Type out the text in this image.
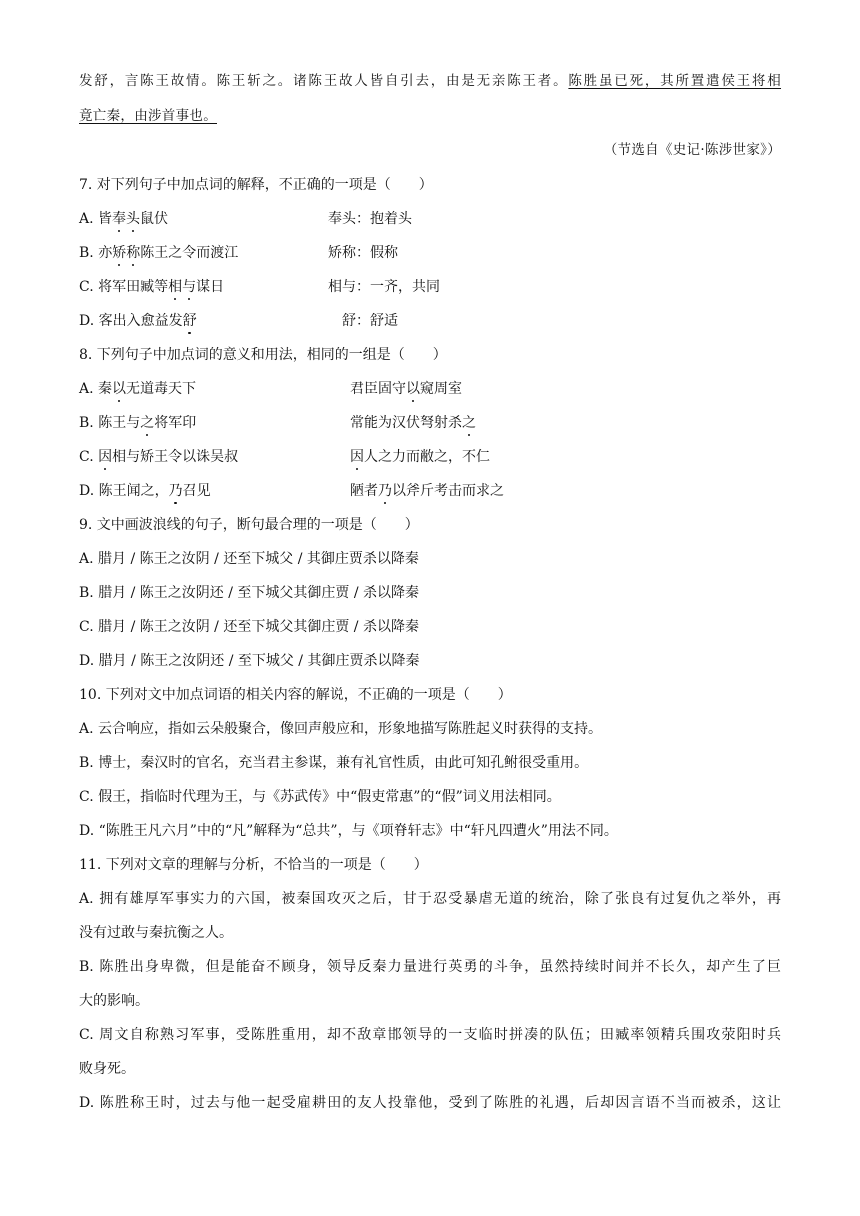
发舒，言陈王故情。陈王斩之。诸陈王故人皆自引去，由是无亲陈王者。陈胜虽已死，其所置遣侯王将相
竟亡秦，由涉首事也。
（节选自《史记·陈涉世家》）
7. 对下列句子中加点词的解释，不正确的一项是（　　）
A. 皆奉头鼠伏	奉头：抱着头
B. 亦矫称陈王之令而渡江	矫称：假称
C. 将军田臧等相与谋日	相与：一齐，共同
D. 客出入愈益发舒	舒：舒适
8. 下列句子中加点词的意义和用法，相同的一组是（　　）
A. 秦以无道毒天下	君臣固守以窥周室
B. 陈王与之将军印	常能为汉伏弩射杀之
C. 因相与矫王令以诛吴叔	因人之力而敝之，不仁
D. 陈王闻之，乃召见	陋者乃以斧斤考击而求之
9. 文中画波浪线的句子，断句最合理的一项是（　　）
A. 腊月 / 陈王之汝阴 / 还至下城父 / 其御庄贾杀以降秦
B. 腊月 / 陈王之汝阴还 / 至下城父其御庄贾 / 杀以降秦
C. 腊月 / 陈王之汝阴 / 还至下城父其御庄贾 / 杀以降秦
D. 腊月 / 陈王之汝阴还 / 至下城父 / 其御庄贾杀以降秦
10. 下列对文中加点词语的相关内容的解说，不正确的一项是（　　）
A. 云合响应，指如云朵般聚合，像回声般应和，形象地描写陈胜起义时获得的支持。
B. 博士，秦汉时的官名，充当君主参谋，兼有礼官性质，由此可知孔鲋很受重用。
C. 假王，指临时代理为王，与《苏武传》中“假吏常惠”的“假”词义用法相同。
D. “陈胜王凡六月”中的“凡”解释为“总共”，与《项脊轩志》中“轩凡四遭火”用法不同。
11. 下列对文章的理解与分析，不恰当的一项是（　　）
A. 拥有雄厚军事实力的六国，被秦国攻灭之后，甘于忍受暴虐无道的统治，除了张良有过复仇之举外，再
没有过敢与秦抗衡之人。
B. 陈胜出身卑微，但是能奋不顾身，领导反秦力量进行英勇的斗争，虽然持续时间并不长久，却产生了巨
大的影响。
C. 周文自称熟习军事，受陈胜重用，却不敌章邯领导的一支临时拼凑的队伍；田臧率领精兵围攻荥阳时兵
败身死。
D. 陈胜称王时，过去与他一起受雇耕田的友人投靠他，受到了陈胜的礼遇，后却因言语不当而被杀，这让
